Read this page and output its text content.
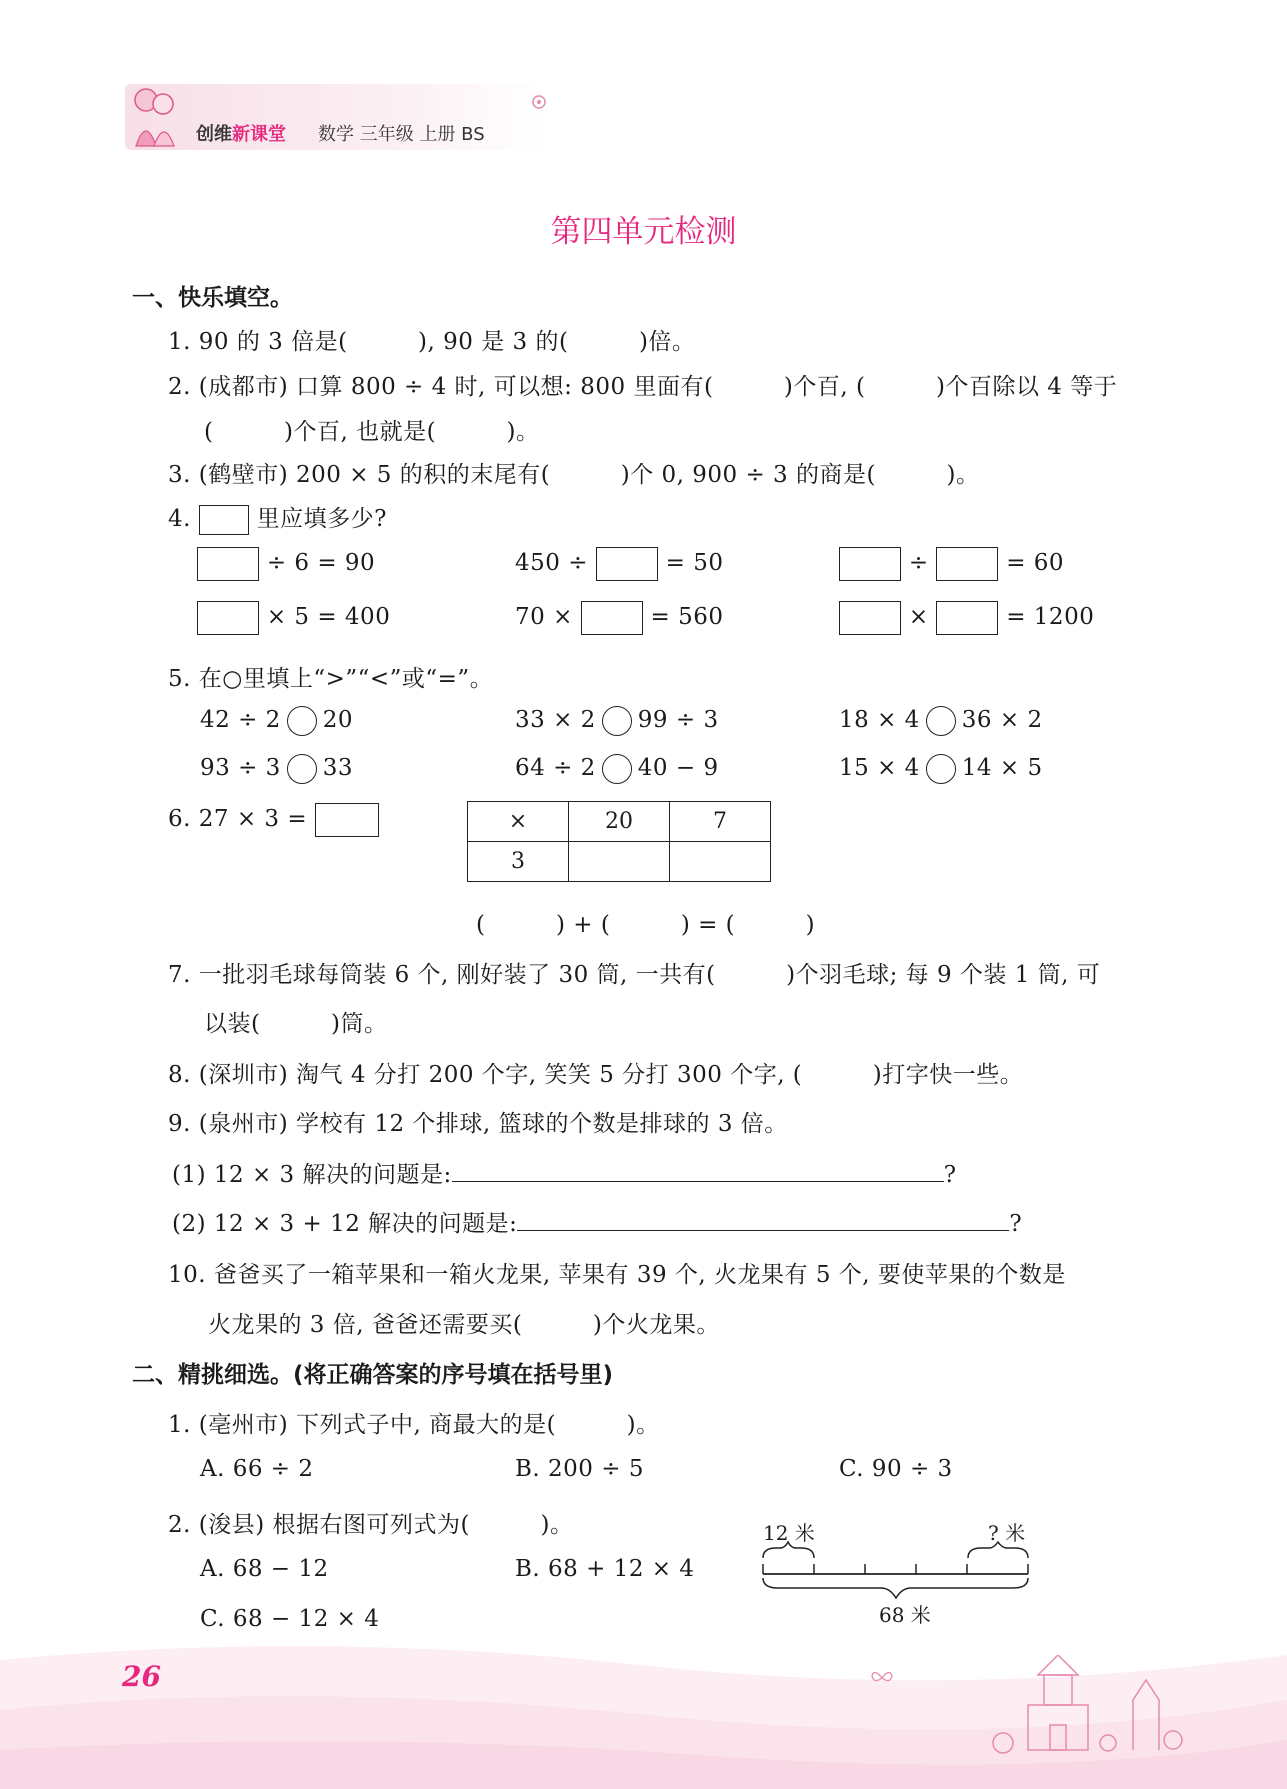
创维新课堂 数学 三年级 上册 BS
第四单元检测
一、快乐填空。
1. 90 的 3 倍是(　　　), 90 是 3 的(　　　)倍。
2. (成都市) 口算 800 ÷ 4 时, 可以想: 800 里面有(　　　)个百, (　　　)个百除以 4 等于
(　　　)个百, 也就是(　　　)。
3. (鹤壁市) 200 × 5 的积的末尾有(　　　)个 0, 900 ÷ 3 的商是(　　　)。
4.	里应填多少?
÷ 6 = 90	450 ÷	= 50	÷	= 60
× 5 = 400	70 ×	= 560	×	= 1200
5. 在○里填上“>”“<”或“=”。
42 ÷ 2 20	33 × 2 99 ÷ 3	18 × 4 36 × 2
93 ÷ 3 33	64 ÷ 2 40 − 9	15 × 4 14 × 5
6. 27 × 3 =	×	20	7
3		
(　　　) + (　　　) = (　　　)
7. 一批羽毛球每筒装 6 个, 刚好装了 30 筒, 一共有(　　　)个羽毛球; 每 9 个装 1 筒, 可
以装(　　　)筒。
8. (深圳市) 淘气 4 分打 200 个字, 笑笑 5 分打 300 个字, (　　　)打字快一些。
9. (泉州市) 学校有 12 个排球, 篮球的个数是排球的 3 倍。
(1) 12 × 3 解决的问题是:	?
(2) 12 × 3 + 12 解决的问题是:	?
10. 爸爸买了一箱苹果和一箱火龙果, 苹果有 39 个, 火龙果有 5 个, 要使苹果的个数是
火龙果的 3 倍, 爸爸还需要买(　　　)个火龙果。
二、精挑细选。(将正确答案的序号填在括号里)
1. (亳州市) 下列式子中, 商最大的是(　　　)。
A. 66 ÷ 2	B. 200 ÷ 5	C. 90 ÷ 3
2. (浚县) 根据右图可列式为(　　　)。
A. 68 − 12	B. 68 + 12 × 4
C. 68 − 12 × 4
12 米	? 米
68 米
26
